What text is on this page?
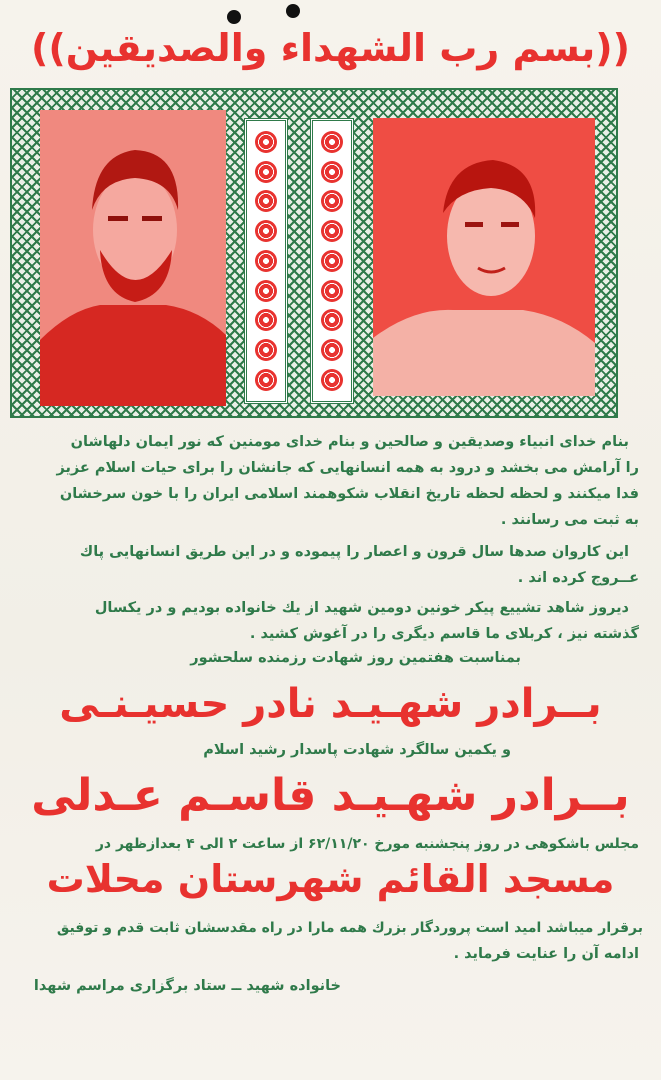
((بسم رب الشهداء والصدیقین))
بنام خدای انبیاء وصدیقین و صالحین و بنام خدای مومنین که نور ایمان دلهاشان
را آرامش می بخشد و درود به همه انسانهایی که جانشان را برای حیات اسلام عزیز
فدا میکنند و لحظه لحظه تاریخ انقلاب شکوهمند اسلامی ایران را با خون سرخشان
به ثبت می رسانند .
این کاروان صدها سال قرون و اعصار را پیموده و در این طریق انسانهایی پاك
عــروج کرده اند .
دیروز شاهد تشییع پیکر خونین دومین شهید از یك خانواده بودیم و در یکسال
گذشته نیز ، کربلای ما قاسم دیگری را در آغوش کشید .
بمناسبت هفتمین روز شهادت رزمنده سلحشور
بــرادر شهـیـد نادر حسیـنـی
و یکمین سالگرد شهادت پاسدار رشید اسلام
بــرادر شهـیـد قاسـم عـدلی
مجلس باشکوهی در روز پنجشنبه مورخ ۶۲/۱۱/۲۰ از ساعت ۲ الی ۴ بعدازظهر در
مسجد القائم شهرستان محلات
برقرار میباشد امید است پروردگار بزرك همه مارا در راه مقدسشان ثابت قدم و توفیق
ادامه آن را عنایت فرماید .
خانواده شهید ــ ستاد برگزاری مراسم شهدا
